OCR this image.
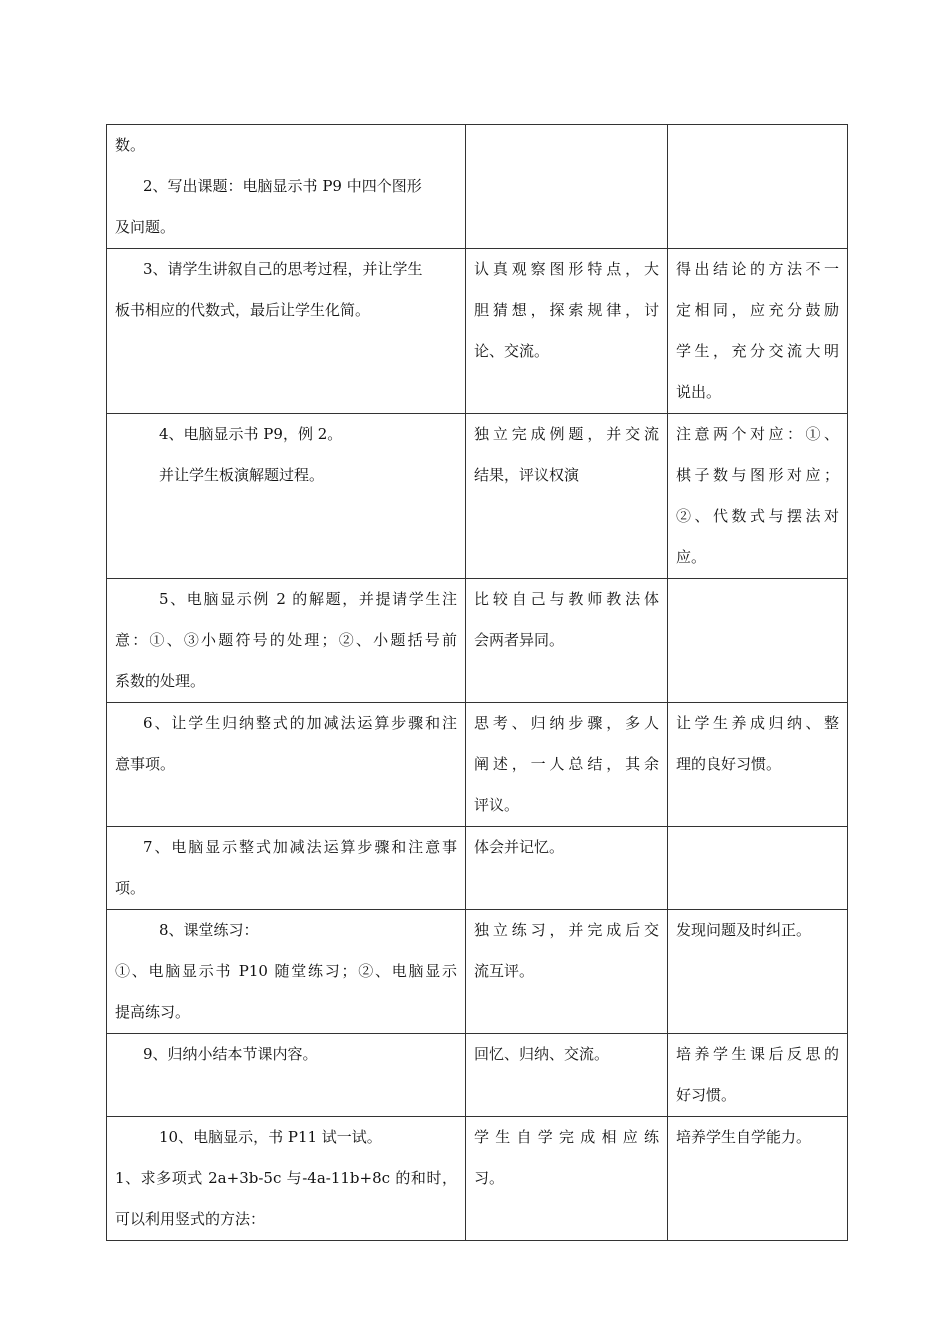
数。
2、写出课题：电脑显示书 P9 中四个图形
及问题。		

3、请学生讲叙自己的思考过程，并让学生
板书相应的代数式，最后让学生化简。	认真观察图形特点，大
胆猜想，探索规律，讨
论、交流。	得出结论的方法不一
定相同，应充分鼓励
学生，充分交流大明
说出。

4、电脑显示书 P9，例 2。
并让学生板演解题过程。	独立完成例题，并交流
结果，评议权演	注意两个对应：①、
棋子数与图形对应；
②、代数式与摆法对
应。

5、电脑显示例 2 的解题，并提请学生注
意：①、③小题符号的处理；②、小题括号前
系数的处理。	比较自己与教师教法体
会两者异同。	

6、让学生归纳整式的加减法运算步骤和注
意事项。	思考、归纳步骤，多人
阐述，一人总结，其余
评议。	让学生养成归纳、整
理的良好习惯。

7、电脑显示整式加减法运算步骤和注意事
项。	体会并记忆。	

8、课堂练习：
①、电脑显示书 P10 随堂练习；②、电脑显示
提高练习。	独立练习，并完成后交
流互评。	发现问题及时纠正。

9、归纳小结本节课内容。	回忆、归纳、交流。	培养学生课后反思的
好习惯。

10、电脑显示，书 P11 试一试。
1、求多项式 2a+3b-5c 与-4a-11b+8c 的和时，
可以利用竖式的方法：	学生自学完成相应练
习。	培养学生自学能力。
